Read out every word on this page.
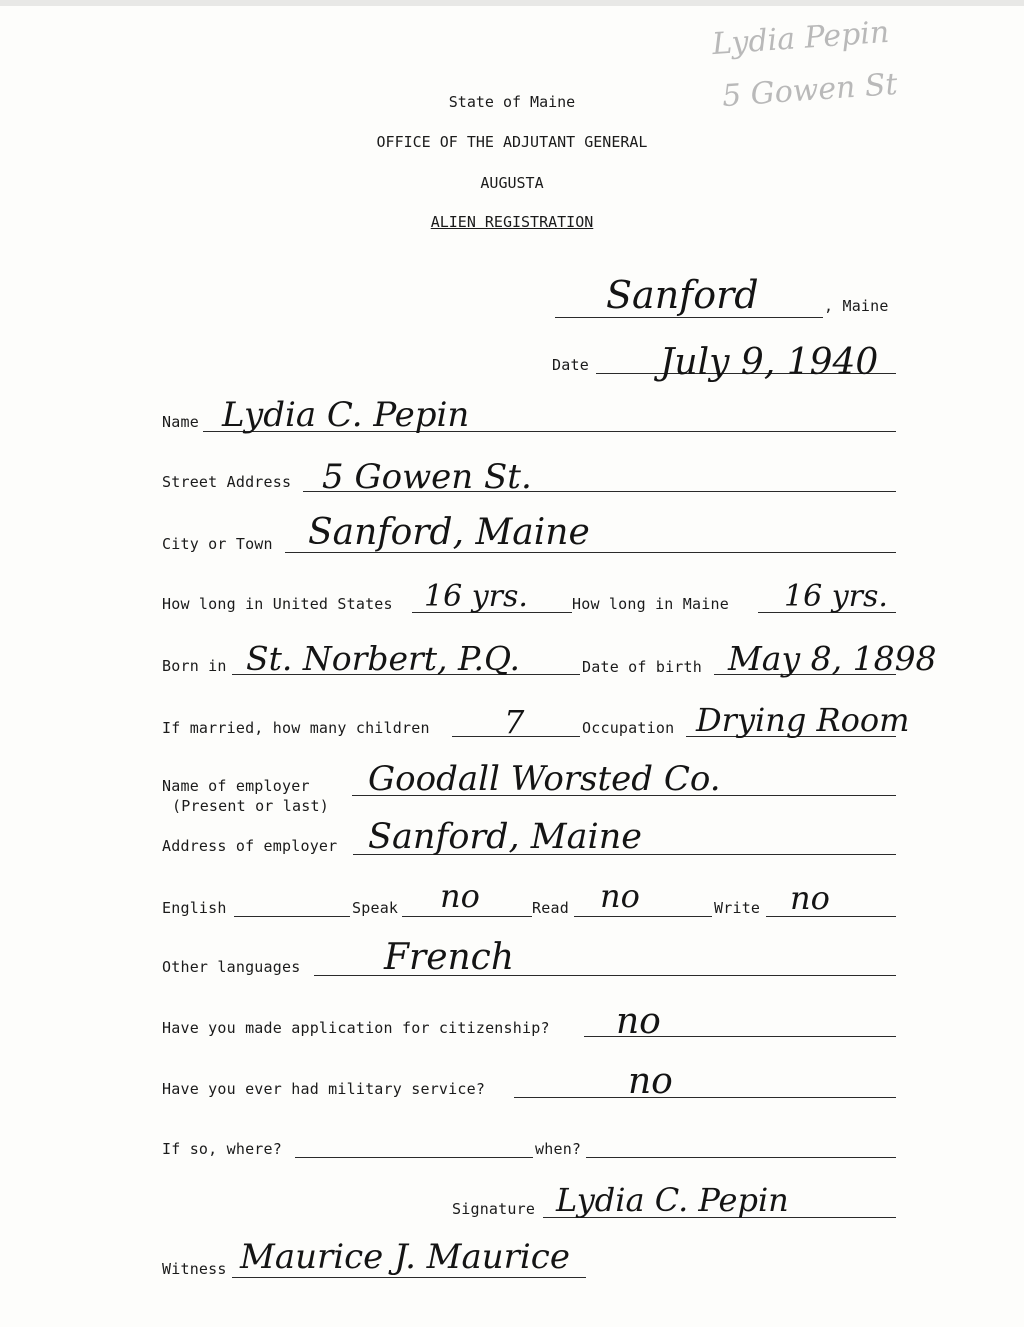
Lydia Pepin
5 Gowen St
State of Maine
OFFICE OF THE ADJUTANT GENERAL
AUGUSTA
ALIEN REGISTRATION
Sanford	, Maine
Date July 9, 1940
Name Lydia C. Pepin
Street Address 5 Gowen St.
City or Town Sanford, Maine
How long in United States 16 yrs.	How long in Maine 16 yrs.
Born in St. Norbert, P.Q.	Date of birth May 8, 1898
If married, how many children 7	Occupation Drying Room
Name of employer
(Present or last)
Goodall Worsted Co.
Address of employer Sanford, Maine
English	Speak no	Read no	Write no
Other languages French
Have you made application for citizenship? no
Have you ever had military service?	no
If so, where?	when?
Signature Lydia C. Pepin
Witness Maurice J. Maurice
